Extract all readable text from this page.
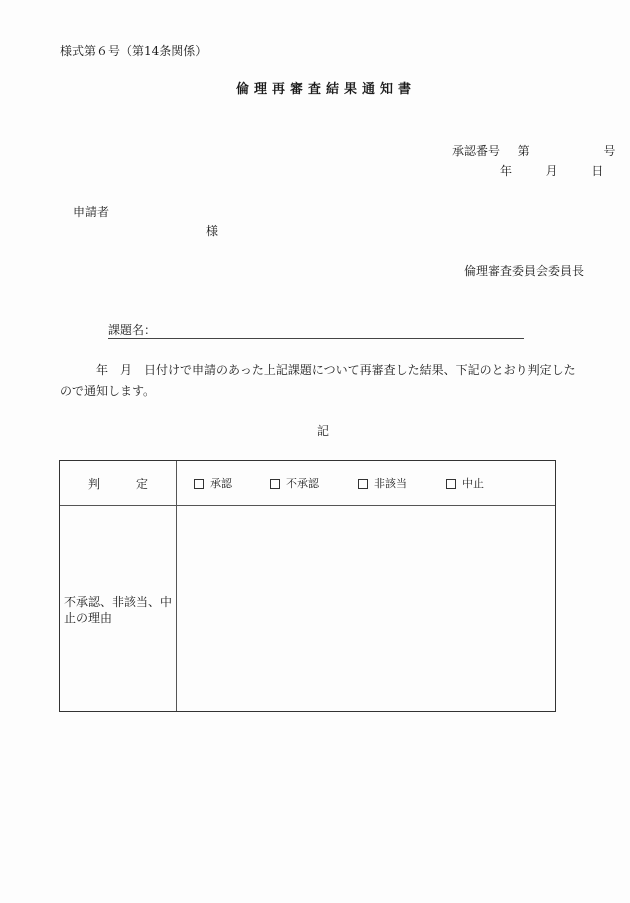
様式第６号（第14条関係）
倫理再審査結果通知書
承認番号 第	号
年	月	日
申請者
様
倫理審査委員会委員長
課題名：
年 月 日付けで申請のあった上記課題について再審査した結果、下記のとおり判定した
ので通知します。
記
判	定	承認	不承認	非該当	中止
不承認、非該当、中止の理由
